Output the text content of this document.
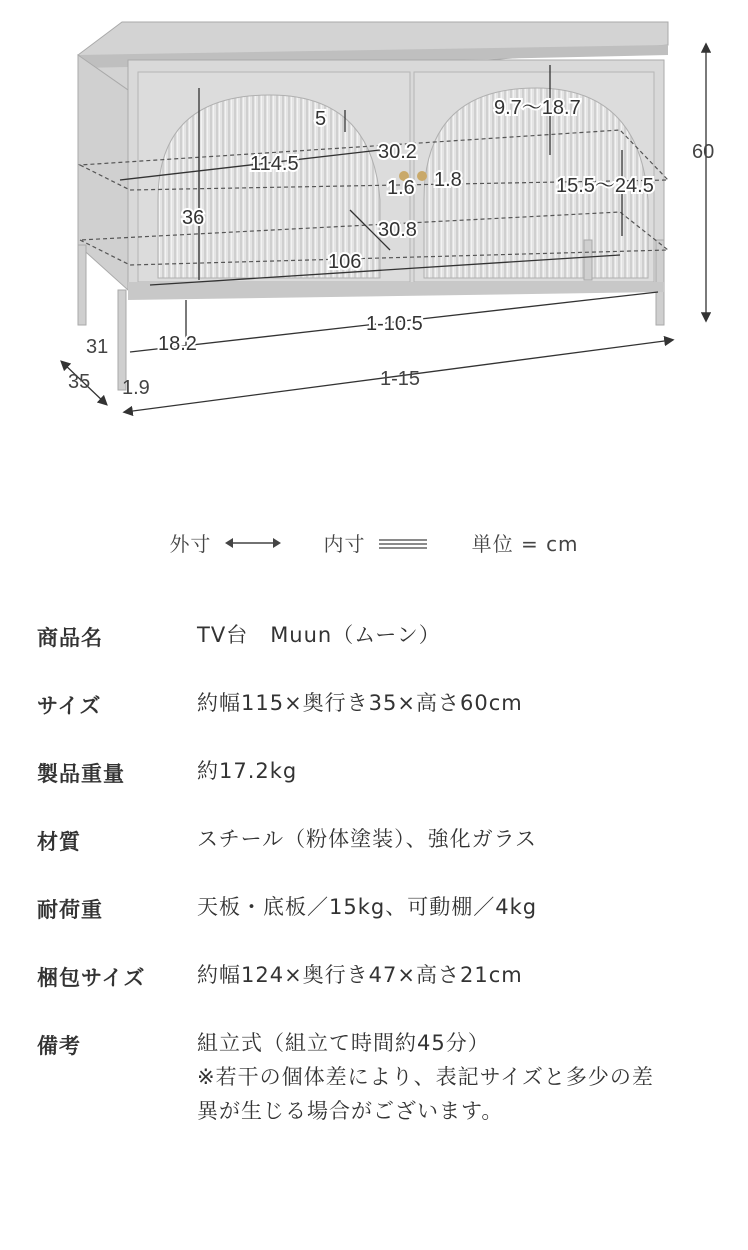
60
1-15
1-10.5
114.5
106
35
31 18.2
1.9
5
30.2
30.8
1.6 1.8
36
9.7～18.7
15.5～24.5
外寸	内寸	単位 = cm
商品名	TV台　Muun（ムーン）
サイズ	約幅115×奥行き35×高さ60cm
製品重量	約17.2kg
材質	スチール（粉体塗装）、強化ガラス
耐荷重	天板・底板／15kg、可動棚／4kg
梱包サイズ 約幅124×奥行き47×高さ21cm
備考	組立式（組立て時間約45分）
※若干の個体差により、表記サイズと多少の差
異が生じる場合がございます。
